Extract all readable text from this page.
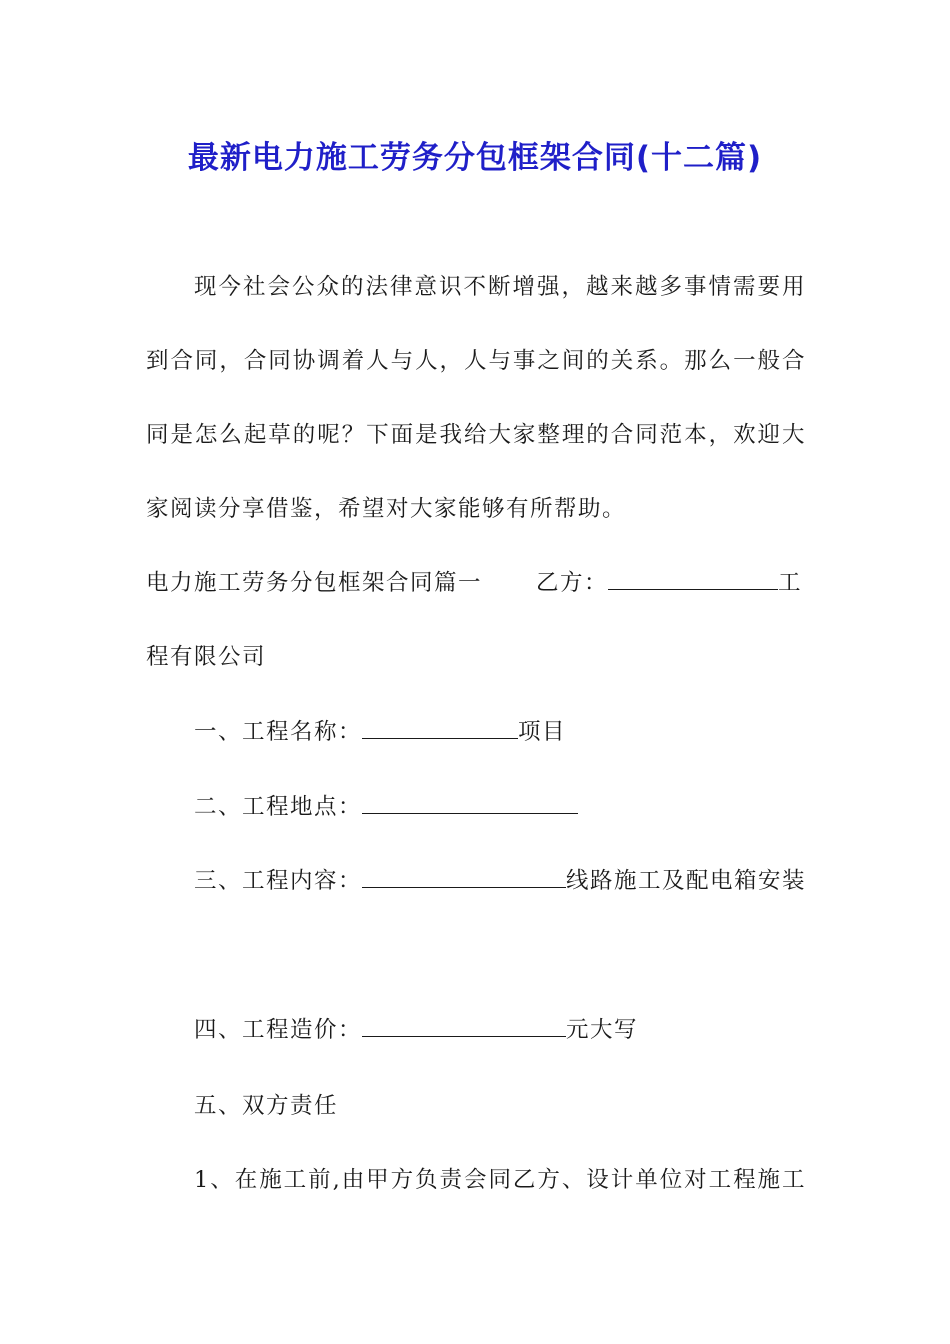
最新电力施工劳务分包框架合同(十二篇)
现今社会公众的法律意识不断增强，越来越多事情需要用
到合同，合同协调着人与人，人与事之间的关系。那么一般合
同是怎么起草的呢？下面是我给大家整理的合同范本，欢迎大
家阅读分享借鉴，希望对大家能够有所帮助。
电力施工劳务分包框架合同篇一 乙方：	工
程有限公司
一、工程名称：	项目
二、工程地点：
三、工程内容：	线路施工及配电箱安装
四、工程造价：	元大写
五、双方责任
1、在施工前,由甲方负责会同乙方、设计单位对工程施工
